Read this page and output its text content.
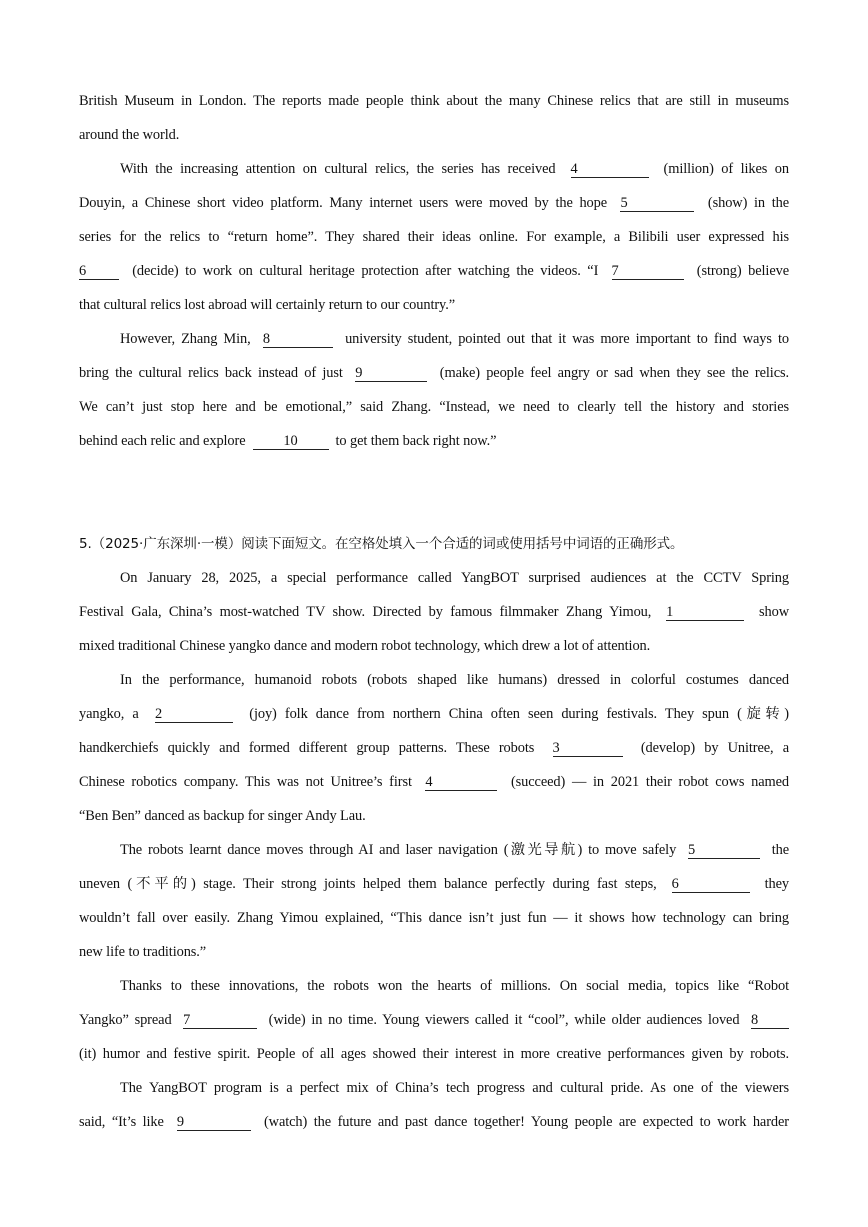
British Museum in London. The reports made people think about the many Chinese relics that are still in museums
around the world.
With the increasing attention on cultural relics, the series has received 4	(million) of likes on
Douyin, a Chinese short video platform. Many internet users were moved by the hope 5	(show) in the
series for the relics to “return home”. They shared their ideas online. For example, a Bilibili user expressed his
6	(decide) to work on cultural heritage protection after watching the videos. “I 7	(strong) believe
that cultural relics lost abroad will certainly return to our country.”
However, Zhang Min, 8	university student, pointed out that it was more important to find ways to
bring the cultural relics back instead of just 9	(make) people feel angry or sad when they see the relics.
We can’t just stop here and be emotional,” said Zhang. “Instead, we need to clearly tell the history and stories
behind each relic and explore	10	to get them back right now.”
5.（2025·广东深圳·一模）阅读下面短文。在空格处填入一个合适的词或使用括号中词语的正确形式。
On January 28, 2025, a special performance called YangBOT surprised audiences at the CCTV Spring
Festival Gala, China’s most-watched TV show. Directed by famous filmmaker Zhang Yimou, 1	show
mixed traditional Chinese yangko dance and modern robot technology, which drew a lot of attention.
In the performance, humanoid robots (robots shaped like humans) dressed in colorful costumes danced
yangko, a 2	(joy) folk dance from northern China often seen during festivals. They spun (旋转)
handkerchiefs quickly and formed different group patterns. These robots 3	(develop) by Unitree, a
Chinese robotics company. This was not Unitree’s first 4	(succeed) — in 2021 their robot cows named
“Ben Ben” danced as backup for singer Andy Lau.
The robots learnt dance moves through AI and laser navigation (激光导航) to move safely 5	the
uneven (不平的) stage. Their strong joints helped them balance perfectly during fast steps, 6	they
wouldn’t fall over easily. Zhang Yimou explained, “This dance isn’t just fun — it shows how technology can bring
new life to traditions.”
Thanks to these innovations, the robots won the hearts of millions. On social media, topics like “Robot
Yangko” spread 7	(wide) in no time. Young viewers called it “cool”, while older audiences loved 8
(it) humor and festive spirit. People of all ages showed their interest in more creative performances given by robots.
The YangBOT program is a perfect mix of China’s tech progress and cultural pride. As one of the viewers
said, “It’s like 9	(watch) the future and past dance together! Young people are expected to work harder
